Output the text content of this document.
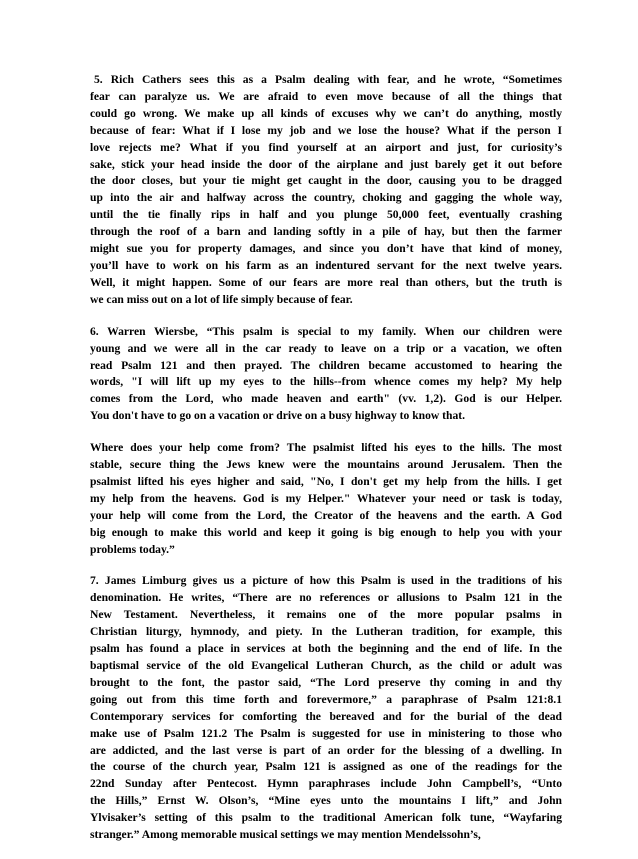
5. Rich Cathers sees this as a Psalm dealing with fear, and he wrote, “Sometimes
fear can paralyze us. We are afraid to even move because of all the things that
could go wrong. We make up all kinds of excuses why we can’t do anything, mostly
because of fear: What if I lose my job and we lose the house? What if the person I
love rejects me? What if you find yourself at an airport and just, for curiosity’s
sake, stick your head inside the door of the airplane and just barely get it out before
the door closes, but your tie might get caught in the door, causing you to be dragged
up into the air and halfway across the country, choking and gagging the whole way,
until the tie finally rips in half and you plunge 50,000 feet, eventually crashing
through the roof of a barn and landing softly in a pile of hay, but then the farmer
might sue you for property damages, and since you don’t have that kind of money,
you’ll have to work on his farm as an indentured servant for the next twelve years.
Well, it might happen. Some of our fears are more real than others, but the truth is
we can miss out on a lot of life simply because of fear.
6. Warren Wiersbe, “This psalm is special to my family. When our children were
young and we were all in the car ready to leave on a trip or a vacation, we often
read Psalm 121 and then prayed. The children became accustomed to hearing the
words, "I will lift up my eyes to the hills--from whence comes my help? My help
comes from the Lord, who made heaven and earth" (vv. 1,2). God is our Helper.
You don't have to go on a vacation or drive on a busy highway to know that.
Where does your help come from? The psalmist lifted his eyes to the hills. The most
stable, secure thing the Jews knew were the mountains around Jerusalem. Then the
psalmist lifted his eyes higher and said, "No, I don't get my help from the hills. I get
my help from the heavens. God is my Helper." Whatever your need or task is today,
your help will come from the Lord, the Creator of the heavens and the earth. A God
big enough to make this world and keep it going is big enough to help you with your
problems today.”
7. James Limburg gives us a picture of how this Psalm is used in the traditions of his
denomination. He writes, “There are no references or allusions to Psalm 121 in the
New Testament. Nevertheless, it remains one of the more popular psalms in
Christian liturgy, hymnody, and piety. In the Lutheran tradition, for example, this
psalm has found a place in services at both the beginning and the end of life. In the
baptismal service of the old Evangelical Lutheran Church, as the child or adult was
brought to the font, the pastor said, “The Lord preserve thy coming in and thy
going out from this time forth and forevermore,” a paraphrase of Psalm 121:8.1
Contemporary services for comforting the bereaved and for the burial of the dead
make use of Psalm 121.2 The Psalm is suggested for use in ministering to those who
are addicted, and the last verse is part of an order for the blessing of a dwelling. In
the course of the church year, Psalm 121 is assigned as one of the readings for the
22nd Sunday after Pentecost. Hymn paraphrases include John Campbell’s, “Unto
the Hills,” Ernst W. Olson’s, “Mine eyes unto the mountains I lift,” and John
Ylvisaker’s setting of this psalm to the traditional American folk tune, “Wayfaring
stranger.” Among memorable musical settings we may mention Mendelssohn’s,
